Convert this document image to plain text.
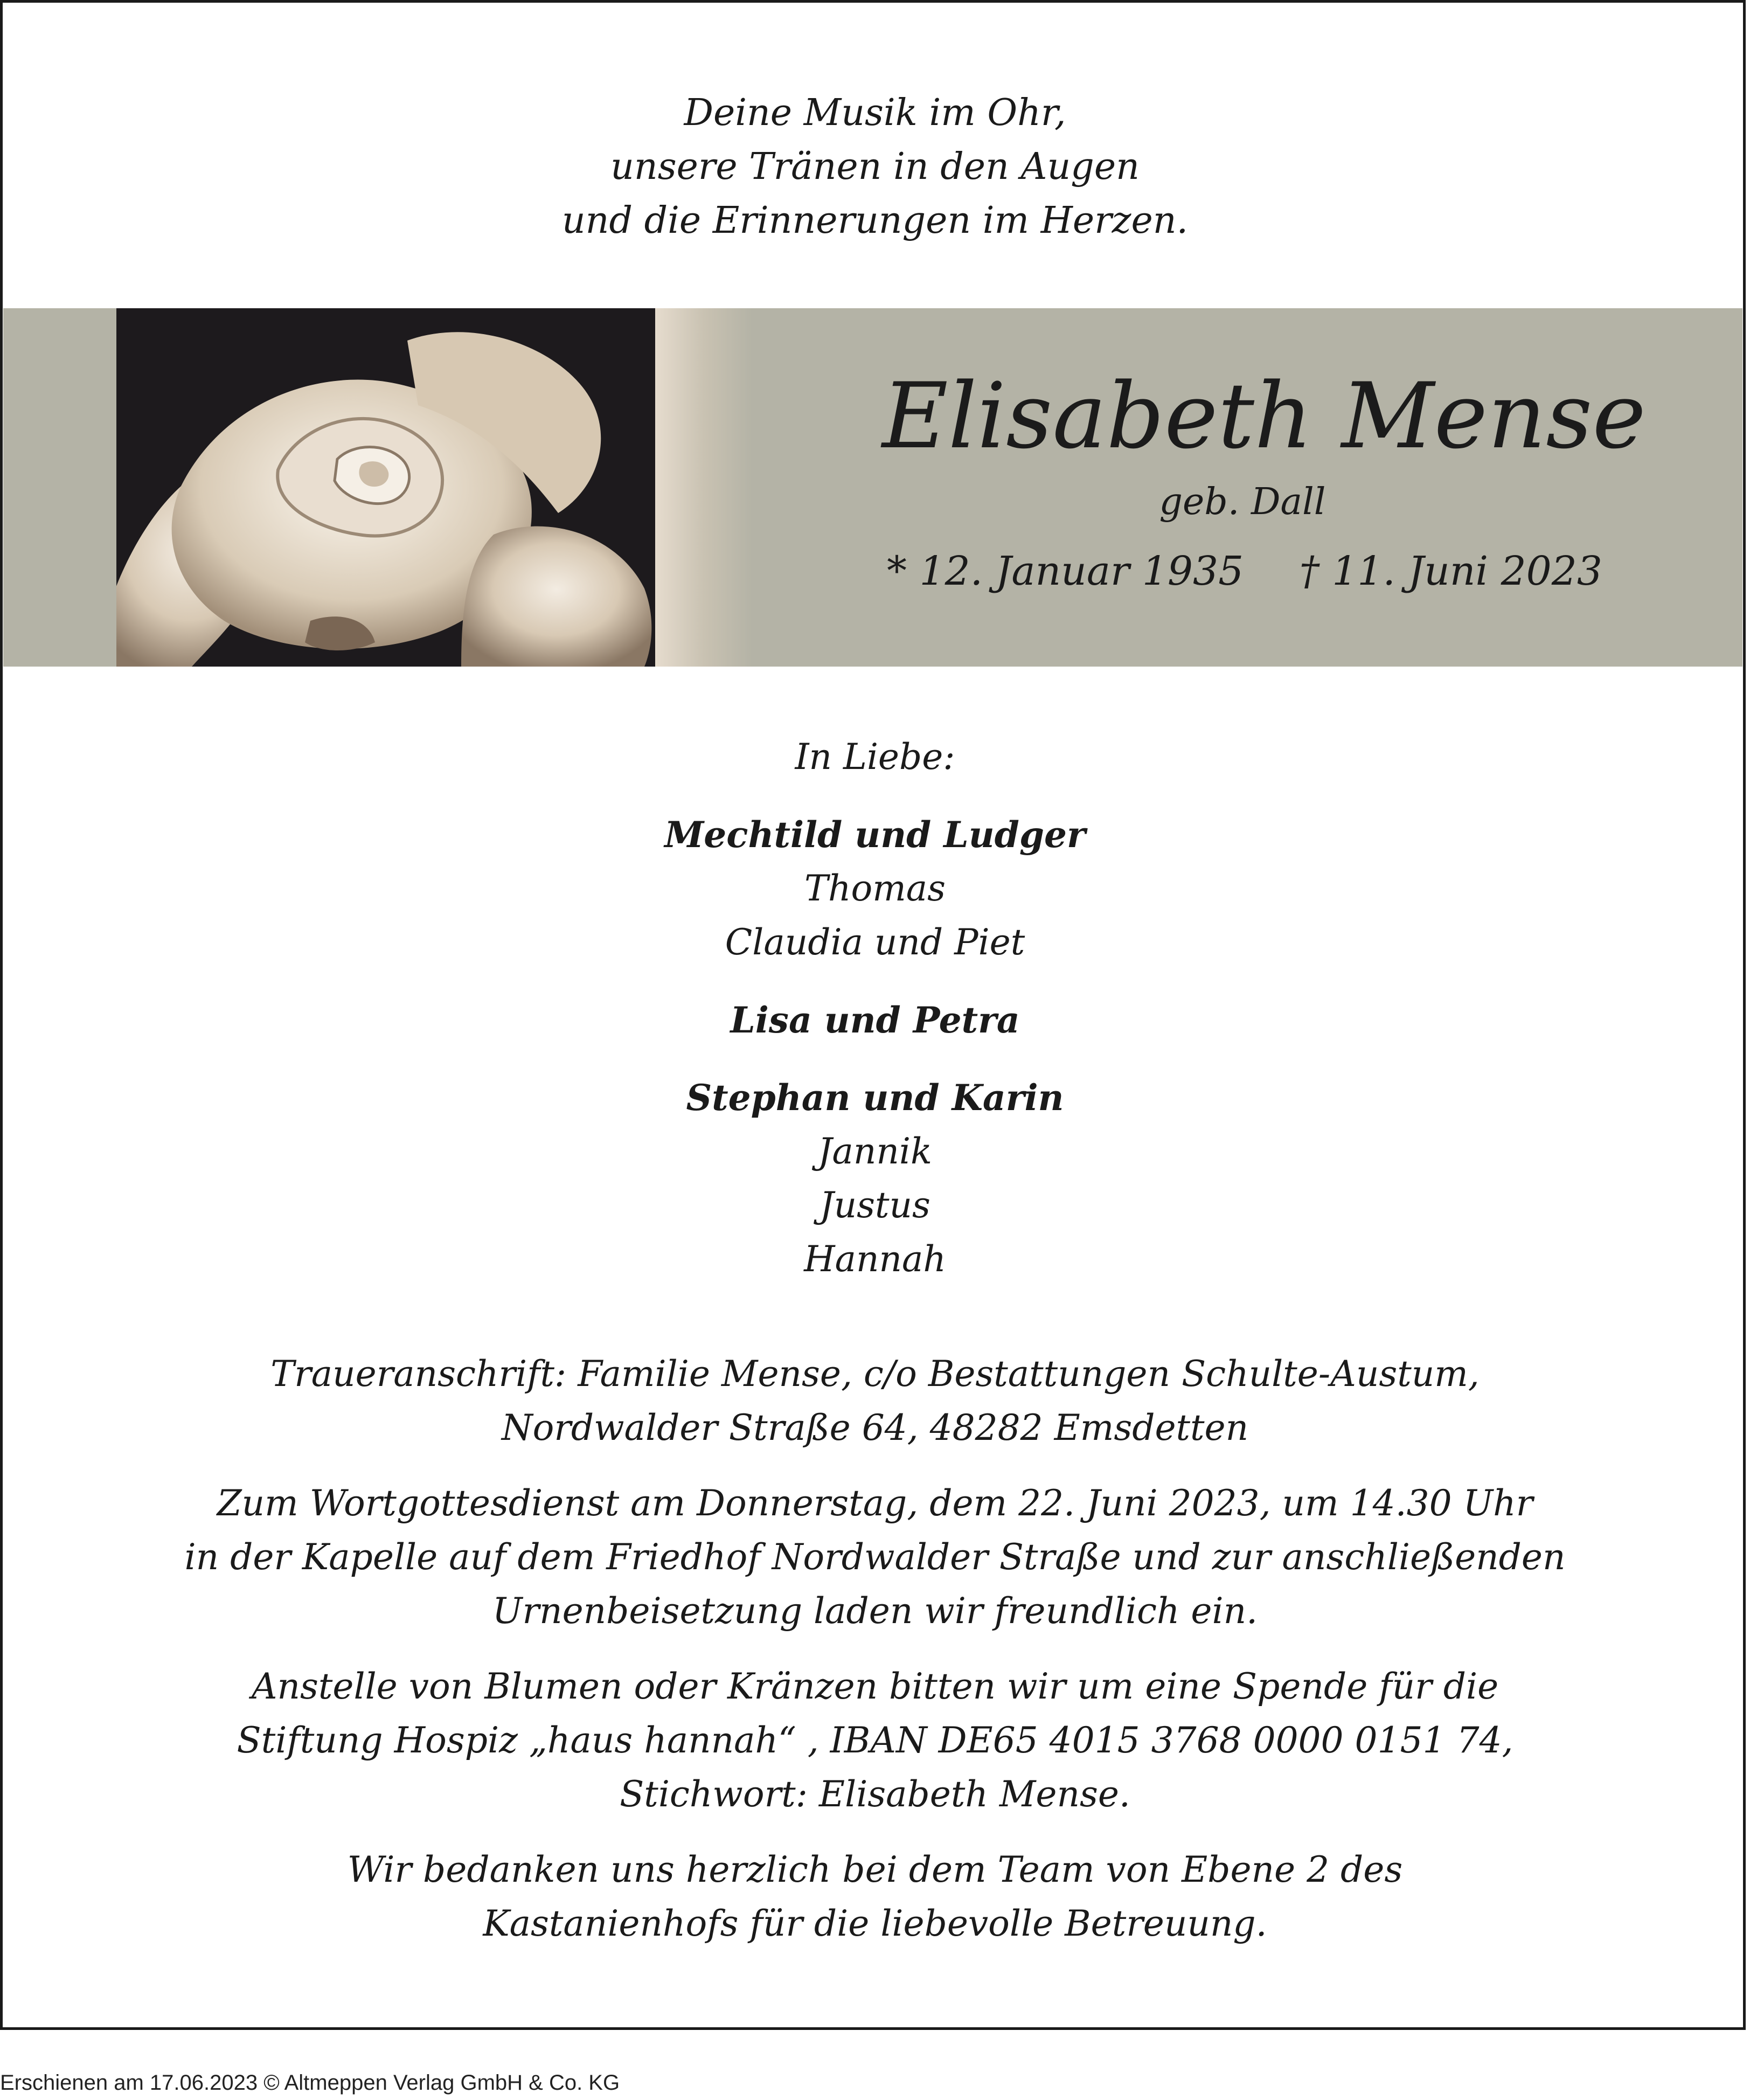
Deine Musik im Ohr,
unsere Tränen in den Augen
und die Erinnerungen im Herzen.
Elisabeth Mense
geb. Dall
* 12. Januar 1935 † 11. Juni 2023
In Liebe:
Mechtild und Ludger
Thomas
Claudia und Piet
Lisa und Petra
Stephan und Karin
Jannik
Justus
Hannah
Traueranschrift: Familie Mense, c/o Bestattungen Schulte-Austum,
Nordwalder Straße 64, 48282 Emsdetten
Zum Wortgottesdienst am Donnerstag, dem 22. Juni 2023, um 14.30 Uhr
in der Kapelle auf dem Friedhof Nordwalder Straße und zur anschließenden
Urnenbeisetzung laden wir freundlich ein.
Anstelle von Blumen oder Kränzen bitten wir um eine Spende für die
Stiftung Hospiz „haus hannah“ , IBAN DE65 4015 3768 0000 0151 74,
Stichwort: Elisabeth Mense.
Wir bedanken uns herzlich bei dem Team von Ebene 2 des
Kastanienhofs für die liebevolle Betreuung.
Erschienen am 17.06.2023 © Altmeppen Verlag GmbH & Co. KG
